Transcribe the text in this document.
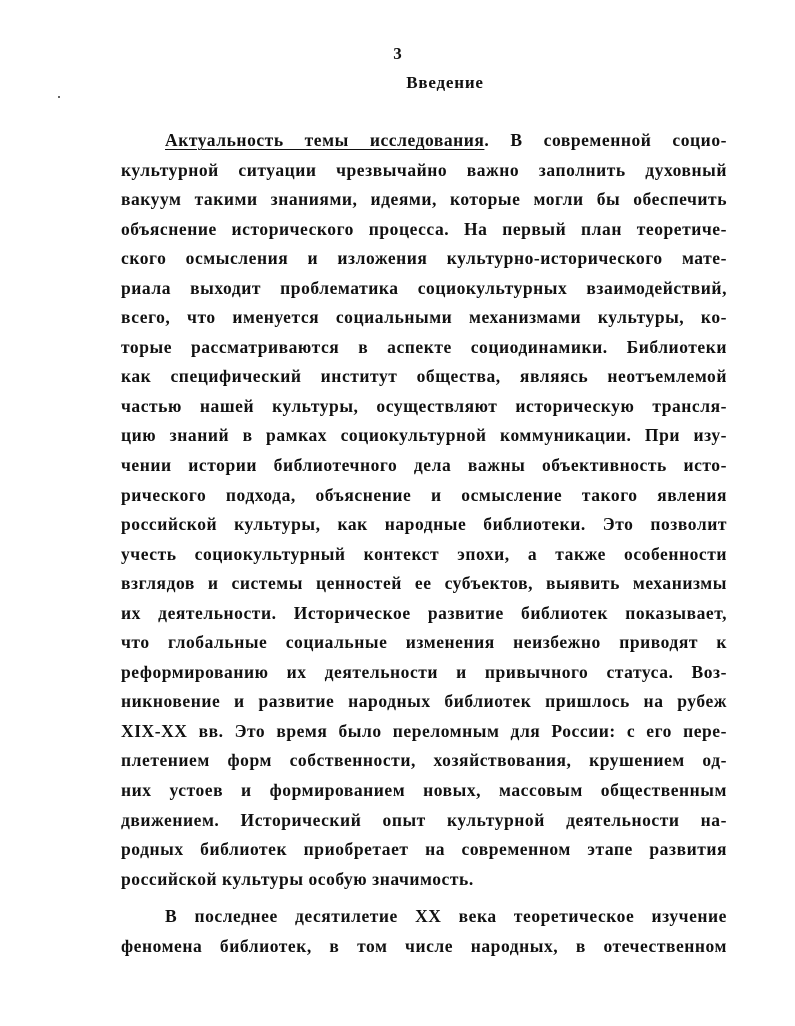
3
Введение
Актуальность темы исследования. В современной социо-
культурной ситуации чрезвычайно важно заполнить духовный
вакуум такими знаниями, идеями, которые могли бы обеспечить
объяснение исторического процесса. На первый план теоретиче-
ского осмысления и изложения культурно-исторического мате-
риала выходит проблематика социокультурных взаимодействий,
всего, что именуется социальными механизмами культуры, ко-
торые рассматриваются в аспекте социодинамики. Библиотеки
как специфический институт общества, являясь неотъемлемой
частью нашей культуры, осуществляют историческую трансля-
цию знаний в рамках социокультурной коммуникации. При изу-
чении истории библиотечного дела важны объективность исто-
рического подхода, объяснение и осмысление такого явления
российской культуры, как народные библиотеки. Это позволит
учесть социокультурный контекст эпохи, а также особенности
взглядов и системы ценностей ее субъектов, выявить механизмы
их деятельности. Историческое развитие библиотек показывает,
что глобальные социальные изменения неизбежно приводят к
реформированию их деятельности и привычного статуса. Воз-
никновение и развитие народных библиотек пришлось на рубеж
XIX-XX вв. Это время было переломным для России: с его пере-
плетением форм собственности, хозяйствования, крушением од-
них устоев и формированием новых, массовым общественным
движением. Исторический опыт культурной деятельности на-
родных библиотек приобретает на современном этапе развития
российской культуры особую значимость.
В последнее десятилетие XX века теоретическое изучение
феномена библиотек, в том числе народных, в отечественном
